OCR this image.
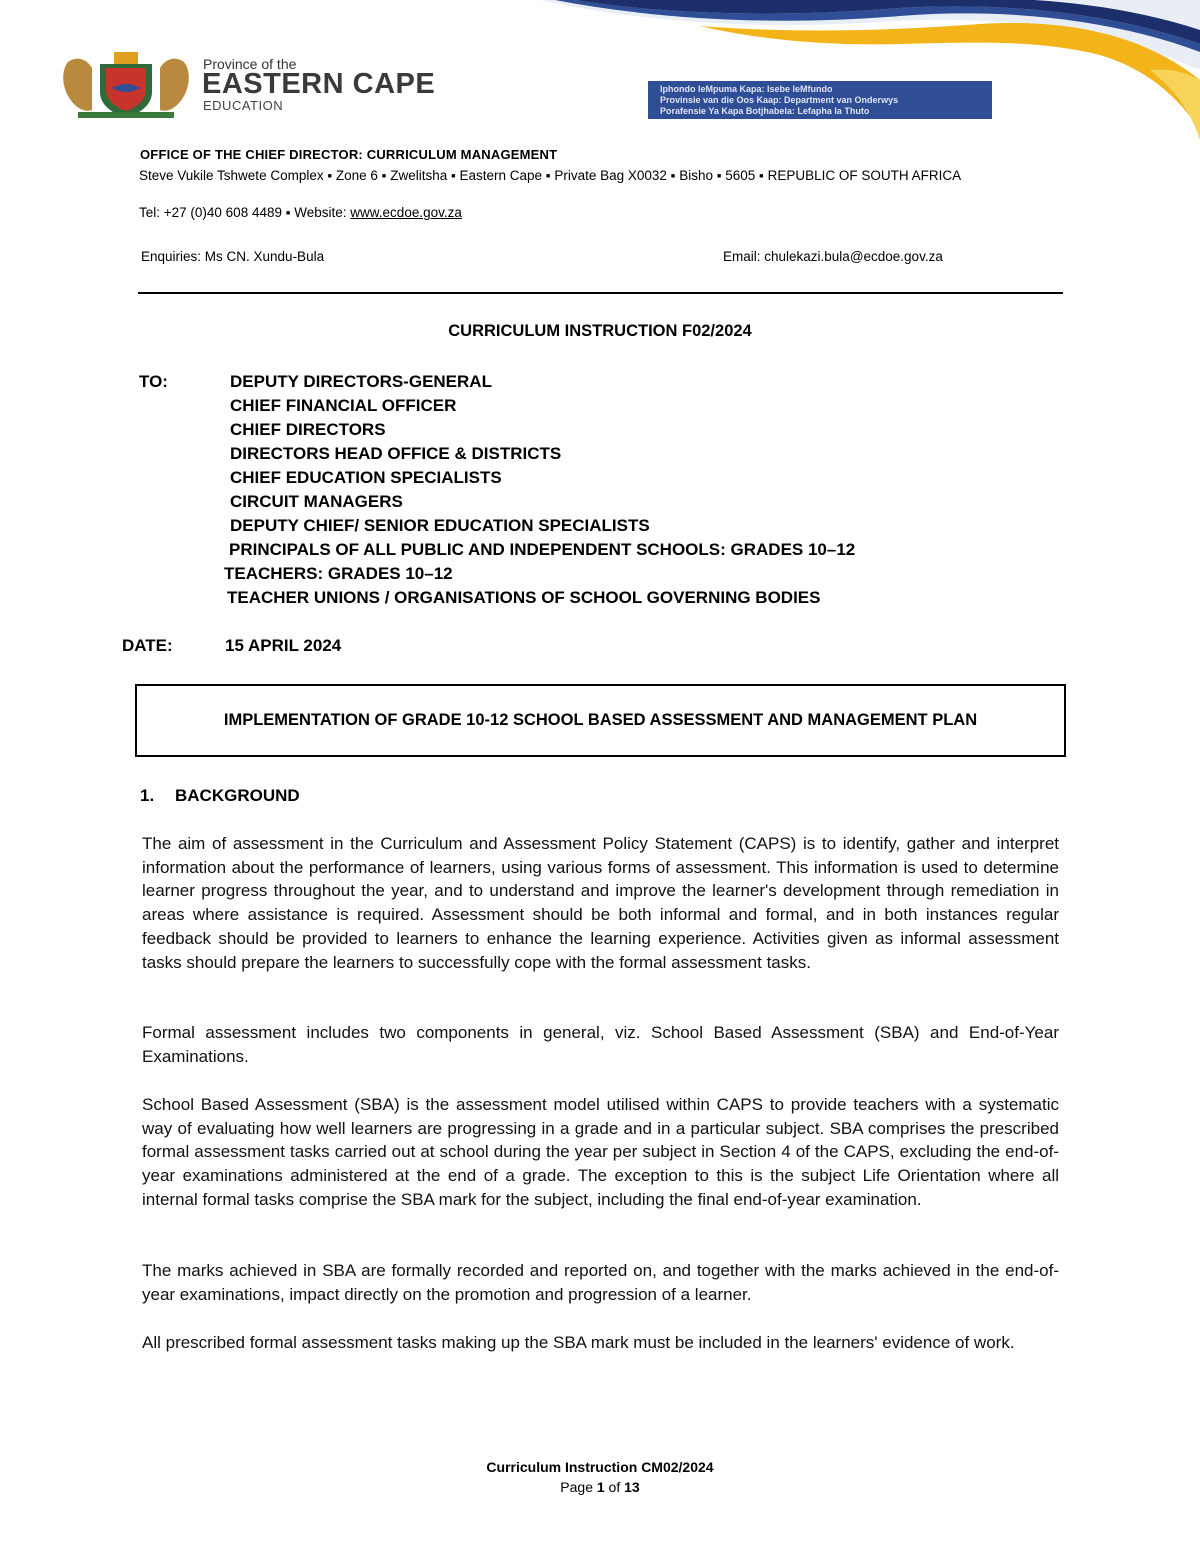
Province of the
EASTERN CAPE
EDUCATION
Iphondo leMpuma Kapa: Isebe leMfundo
Provinsie van die Oos Kaap: Department van Onderwys
Porafensie Ya Kapa Botjhabela: Lefapha la Thuto
OFFICE OF THE CHIEF DIRECTOR: CURRICULUM MANAGEMENT
Steve Vukile Tshwete Complex ▪ Zone 6 ▪ Zwelitsha ▪ Eastern Cape ▪ Private Bag X0032 ▪ Bisho ▪ 5605 ▪ REPUBLIC OF SOUTH AFRICA
Tel: +27 (0)40 608 4489 ▪ Website: www.ecdoe.gov.za
Enquiries: Ms CN. Xundu-Bula	Email: chulekazi.bula@ecdoe.gov.za
CURRICULUM INSTRUCTION F02/2024
TO:	DEPUTY DIRECTORS-GENERAL
CHIEF FINANCIAL OFFICER
CHIEF DIRECTORS
DIRECTORS HEAD OFFICE & DISTRICTS
CHIEF EDUCATION SPECIALISTS
CIRCUIT MANAGERS
DEPUTY CHIEF/ SENIOR EDUCATION SPECIALISTS
PRINCIPALS OF ALL PUBLIC AND INDEPENDENT SCHOOLS: GRADES 10–12
TEACHERS: GRADES 10–12
TEACHER UNIONS / ORGANISATIONS OF SCHOOL GOVERNING BODIES
DATE:	15 APRIL 2024
IMPLEMENTATION OF GRADE 10-12 SCHOOL BASED ASSESSMENT AND MANAGEMENT PLAN
1. BACKGROUND
The aim of assessment in the Curriculum and Assessment Policy Statement (CAPS) is to identify, gather and interpret information about the performance of learners, using various forms of assessment. This information is used to determine learner progress throughout the year, and to understand and improve the learner's development through remediation in areas where assistance is required. Assessment should be both informal and formal, and in both instances regular feedback should be provided to learners to enhance the learning experience. Activities given as informal assessment tasks should prepare the learners to successfully cope with the formal assessment tasks.
Formal assessment includes two components in general, viz. School Based Assessment (SBA) and End-of-Year Examinations.
School Based Assessment (SBA) is the assessment model utilised within CAPS to provide teachers with a systematic way of evaluating how well learners are progressing in a grade and in a particular subject. SBA comprises the prescribed formal assessment tasks carried out at school during the year per subject in Section 4 of the CAPS, excluding the end-of-year examinations administered at the end of a grade. The exception to this is the subject Life Orientation where all internal formal tasks comprise the SBA mark for the subject, including the final end-of-year examination.
The marks achieved in SBA are formally recorded and reported on, and together with the marks achieved in the end-of-year examinations, impact directly on the promotion and progression of a learner.
All prescribed formal assessment tasks making up the SBA mark must be included in the learners' evidence of work.
Curriculum Instruction CM02/2024
Page 1 of 13
